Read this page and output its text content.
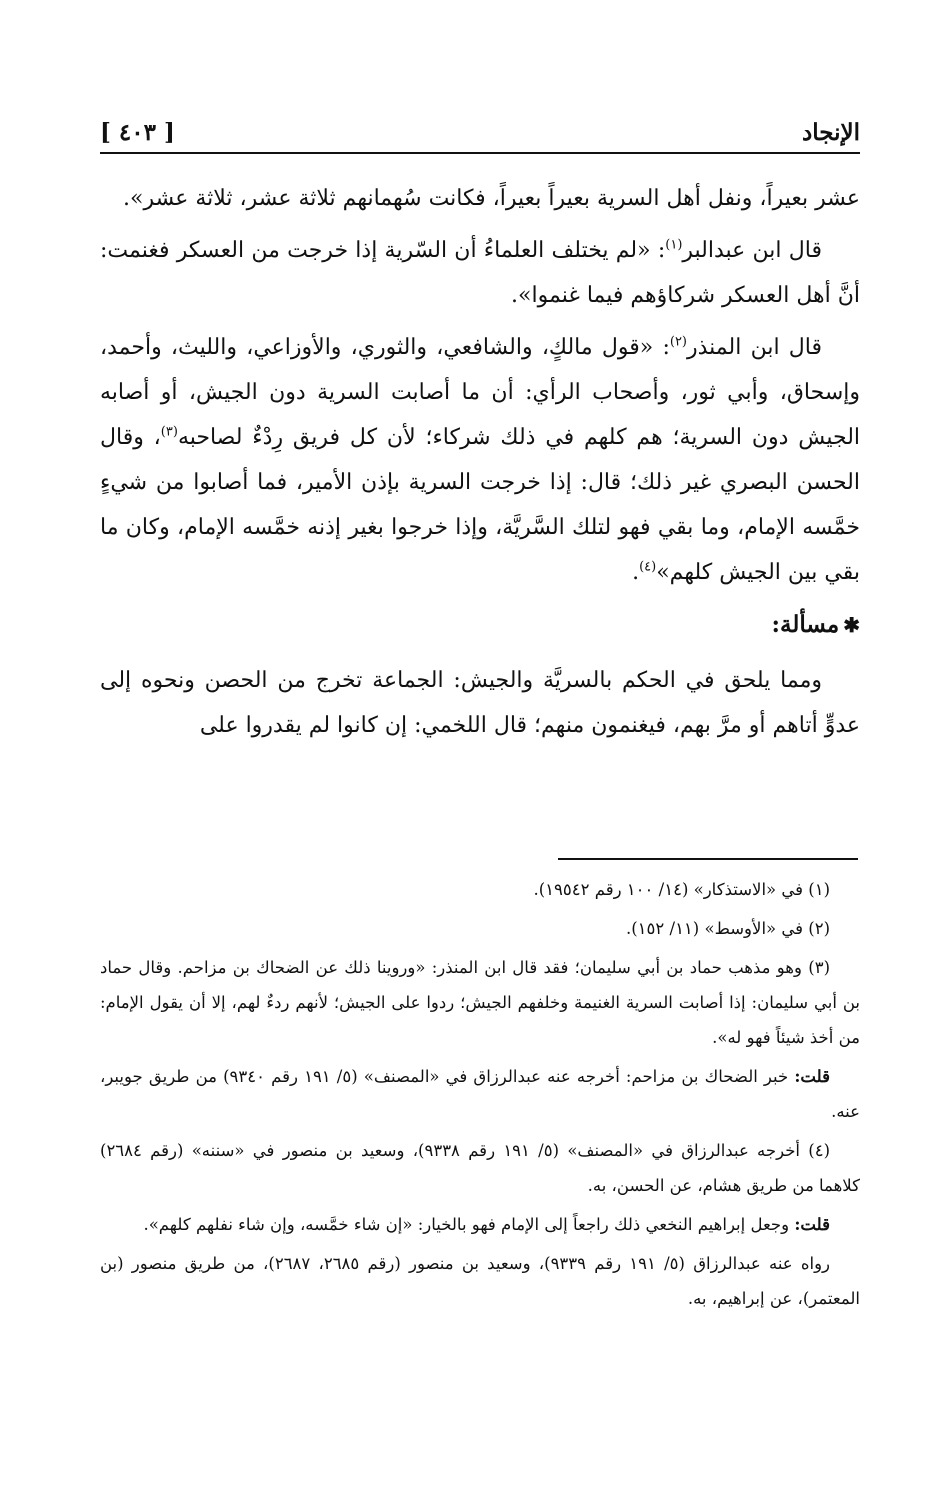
الإنجاد
[ ٤٠٣ ]

عشر بعيراً، ونفل أهل السرية بعيراً بعيراً، فكانت سُهمانهم ثلاثة عشر، ثلاثة عشر».

قال ابن عبدالبر$^{(١)}$: «لم يختلف العلماءُ أن السّرية إذا خرجت من العسكر فغنمت: أنَّ أهل العسكر شركاؤهم فيما غنموا».

قال ابن المنذر$^{(٢)}$: «قول مالكٍ، والشافعي، والثوري، والأوزاعي، والليث، وأحمد، وإسحاق، وأبي ثور، وأصحاب الرأي: أن ما أصابت السرية دون الجيش، أو أصابه الجيش دون السرية؛ هم كلهم في ذلك شركاء؛ لأن كل فريق رِدْءٌ لصاحبه$^{(٣)}$، وقال الحسن البصري غير ذلك؛ قال: إذا خرجت السرية بإذن الأمير، فما أصابوا من شيءٍ خمَّسه الإمام، وما بقي فهو لتلك السَّريَّة، وإذا خرجوا بغير إذنه خمَّسه الإمام، وكان ما بقي بين الجيش كلهم»$^{(٤)}$.

✱مسألة:

ومما يلحق في الحكم بالسريَّة والجيش: الجماعة تخرج من الحصن ونحوه إلى عدوٍّ أتاهم أو مرَّ بهم، فيغنمون منهم؛ قال اللخمي: إن كانوا لم يقدروا على

(١) في «الاستذكار» (١٤/ ١٠٠ رقم ١٩٥٤٢).

(٢) في «الأوسط» (١١/ ١٥٢).

(٣) وهو مذهب حماد بن أبي سليمان؛ فقد قال ابن المنذر: «وروينا ذلك عن الضحاك بن مزاحم. وقال حماد بن أبي سليمان: إذا أصابت السرية الغنيمة وخلفهم الجيش؛ ردوا على الجيش؛ لأنهم ردءٌ لهم، إلا أن يقول الإمام: من أخذ شيئاً فهو له».

قلت: خبر الضحاك بن مزاحم: أخرجه عنه عبدالرزاق في «المصنف» (٥/ ١٩١ رقم ٩٣٤٠) من طريق جويبر، عنه.

(٤) أخرجه عبدالرزاق في «المصنف» (٥/ ١٩١ رقم ٩٣٣٨)، وسعيد بن منصور في «سننه» (رقم ٢٦٨٤) كلاهما من طريق هشام، عن الحسن، به.

قلت: وجعل إبراهيم النخعي ذلك راجعاً إلى الإمام فهو بالخيار: «إن شاء خمَّسه، وإن شاء نفلهم كلهم».

رواه عنه عبدالرزاق (٥/ ١٩١ رقم ٩٣٣٩)، وسعيد بن منصور (رقم ٢٦٨٥، ٢٦٨٧)، من طريق منصور (بن المعتمر)، عن إبراهيم، به.
